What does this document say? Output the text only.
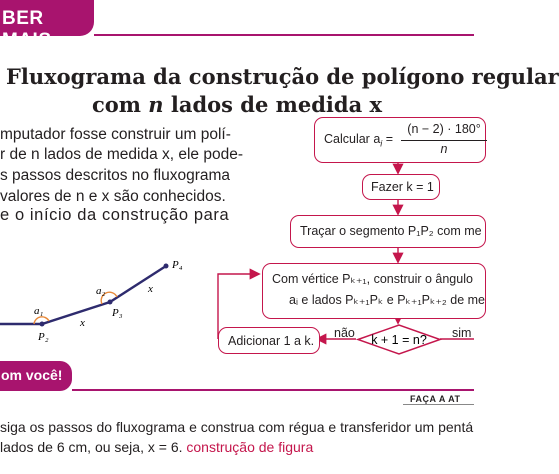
BER MAIS
Fluxograma da construção de polígono regular
com n lados de medida x
mputador fosse construir um polí-
r de n lados de medida x, ele pode-
s passos descritos no fluxograma
valores de n e x são conhecidos.
e o início da construção para
P₄
a₂	x
x
P₃
a₁
P₂
Calcular $a_i$ =
(n − 2) · 180°
n
Fazer k = 1
Traçar o segmento P₁P₂ com me
Com vértice Pₖ₊₁, construir o ângulo
aᵢ e lados Pₖ₊₁Pₖ e Pₖ₊₁Pₖ₊₂ de me
k + 1 = n?
Adicionar 1 a k.
não	sim
om você!
FAÇA A AT
siga os passos do fluxograma e construa com régua e transferidor um pentá
lados de 6 cm, ou seja, x = 6. construção de figura
